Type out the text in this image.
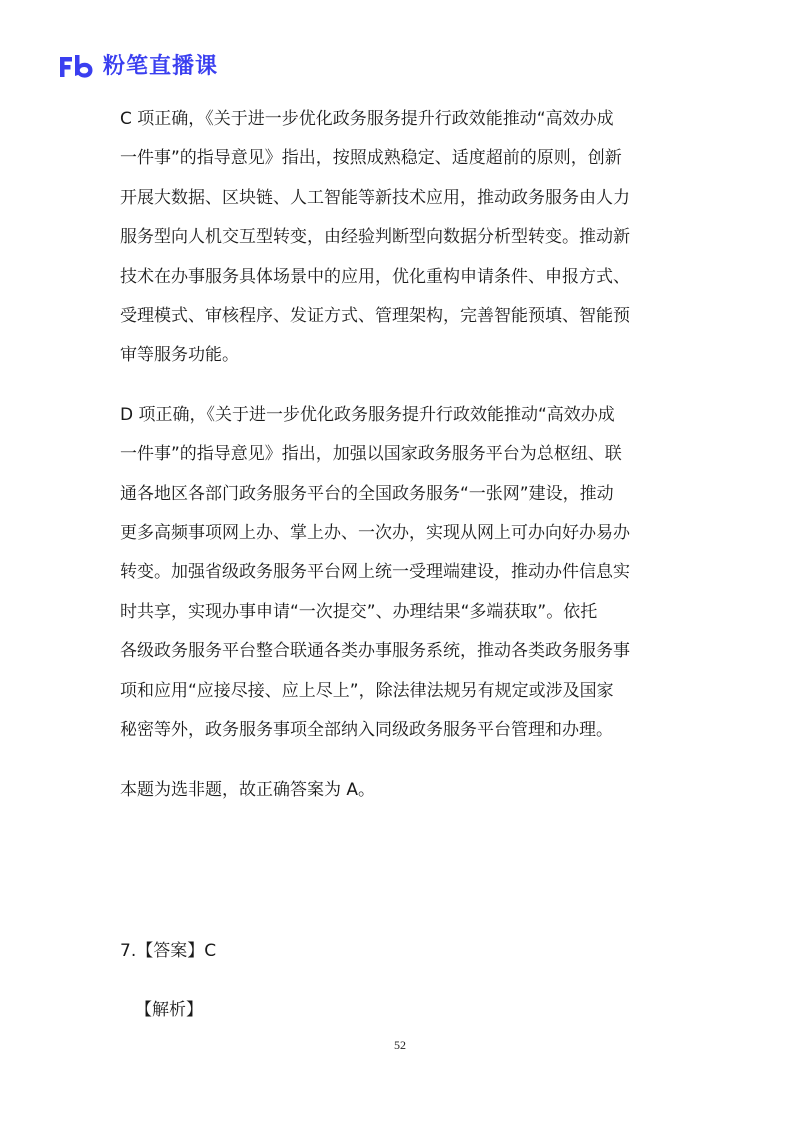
粉笔直播课

C 项正确，《关于进一步优化政务服务提升行政效能推动“高效办成
一件事”的指导意见》指出，按照成熟稳定、适度超前的原则，创新
开展大数据、区块链、人工智能等新技术应用，推动政务服务由人力
服务型向人机交互型转变，由经验判断型向数据分析型转变。推动新
技术在办事服务具体场景中的应用，优化重构申请条件、申报方式、
受理模式、审核程序、发证方式、管理架构，完善智能预填、智能预
审等服务功能。

D 项正确，《关于进一步优化政务服务提升行政效能推动“高效办成
一件事”的指导意见》指出，加强以国家政务服务平台为总枢纽、联
通各地区各部门政务服务平台的全国政务服务“一张网”建设，推动
更多高频事项网上办、掌上办、一次办，实现从网上可办向好办易办
转变。加强省级政务服务平台网上统一受理端建设，推动办件信息实
时共享，实现办事申请“一次提交”、办理结果“多端获取”。依托
各级政务服务平台整合联通各类办事服务系统，推动各类政务服务事
项和应用“应接尽接、应上尽上”，除法律法规另有规定或涉及国家
秘密等外，政务服务事项全部纳入同级政务服务平台管理和办理。

本题为选非题，故正确答案为 A。

7.【答案】C
【解析】
52
